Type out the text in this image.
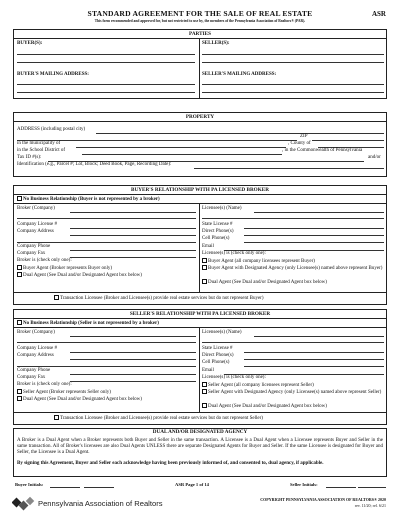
STANDARD AGREEMENT FOR THE SALE OF REAL ESTATE
This form recommended and approved for, but not restricted to use by, the members of the Pennsylvania Association of Realtors® (PAR).
ASR
PARTIES
BUYER(S):	SELLER(S):
BUYER'S MAILING ADDRESS:	SELLER'S MAILING ADDRESS:
PROPERTY
ADDRESS (including postal city)
ZIP
in the municipality of	, County of
in the School District of	, in the Commonwealth of Pennsylvania
Tax ID #(s):	and/or
Identification (e.g., Parcel #; Lot, Block; Deed Book, Page, Recording Date):
BUYER'S RELATIONSHIP WITH PA LICENSED BROKER
No Business Relationship (Buyer is not represented by a broker)
Broker (Company)
Company License #
Company Address
Company Phone
Company Fax
Broker is (check only one):
Buyer Agent (Broker represents Buyer only)
Dual Agent (See Dual and/or Designated Agent box below)
Licensee(s) (Name)
State License #
Direct Phone(s)
Cell Phone(s)
Email
Licensee(s) is (check only one):
Buyer Agent (all company licensees represent Buyer)
Buyer Agent with Designated Agency (only Licensee(s) named above represent Buyer)
Dual Agent (See Dual and/or Designated Agent box below)
Transaction Licensee (Broker and Licensee(s) provide real estate services but do not represent Buyer)
SELLER'S RELATIONSHIP WITH PA LICENSED BROKER
No Business Relationship (Seller is not represented by a broker)
Broker (Company)
Company License #
Company Address
Company Phone
Company Fax
Broker is (check only one):
Seller Agent (Broker represents Seller only)
Dual Agent (See Dual and/or Designated Agent box below)
Licensee(s) (Name)
State License #
Direct Phone(s)
Cell Phone(s)
Email
Licensee(s) is (check only one):
Seller Agent (all company licensees represent Seller)
Seller Agent with Designated Agency (only Licensee(s) named above represent Seller)
Dual Agent (See Dual and/or Designated Agent box below)
Transaction Licensee (Broker and Licensee(s) provide real estate services but do not represent Seller)
DUAL AND/OR DESIGNATED AGENCY
A Broker is a Dual Agent when a Broker represents both Buyer and Seller in the same transaction. A Licensee is a Dual Agent when a Licensee represents Buyer and Seller in the same transaction. All of Broker's licensees are also Dual Agents UNLESS there are separate Designated Agents for Buyer and Seller. If the same Licensee is designated for Buyer and Seller, the Licensee is a Dual Agent.
By signing this Agreement, Buyer and Seller each acknowledge having been previously informed of, and consented to, dual agency, if applicable.
Buyer Initials:	ASR Page 1 of 14	Seller Initials:
Pennsylvania Association of Realtors	COPYRIGHT PENNSYLVANIA ASSOCIATION OF REALTORS® 2020
rev. 11/20; rel. 6/21
